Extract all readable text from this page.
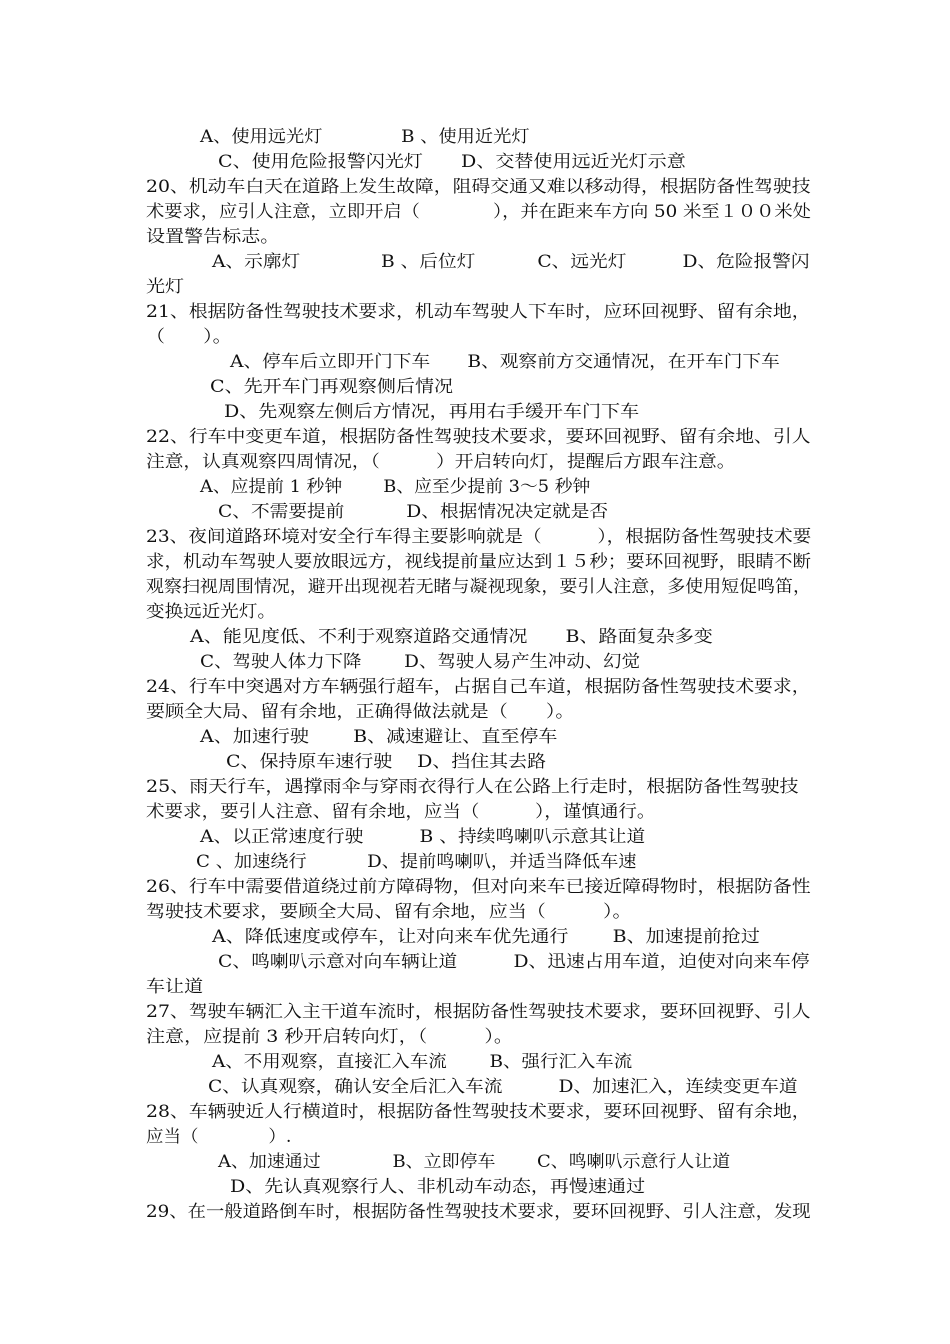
A、使用远光灯　　　　 B 、使用近光灯
C、使用危险报警闪光灯　　D、交替使用远近光灯示意
20、机动车白天在道路上发生故障，阻碍交通又难以移动得，根据防备性驾驶技
术要求，应引人注意，立即开启（　　　　），并在距来车方向 50 米至１００米处
设置警告标志。
A、示廓灯　　　　 B 、后位灯　　　 C、远光灯　　　D、危险报警闪
光灯
21、根据防备性驾驶技术要求，机动车驾驶人下车时，应环回视野、留有余地，
（　　）。
A、停车后立即开门下车　　B、观察前方交通情况，在开车门下车
C、先开车门再观察侧后情况
D、先观察左侧后方情况，再用右手缓开车门下车
22、行车中变更车道，根据防备性驾驶技术要求，要环回视野、留有余地、引人
注意，认真观察四周情况，（　　　）开启转向灯，提醒后方跟车注意。
A、应提前 1 秒钟　　 B、应至少提前 3～5 秒钟
C、不需要提前　　　 D、根据情况决定就是否
23、夜间道路环境对安全行车得主要影响就是（　　　），根据防备性驾驶技术要
求，机动车驾驶人要放眼远方，视线提前量应达到１５秒；要环回视野，眼睛不断
观察扫视周围情况，避开出现视若无睹与凝视现象，要引人注意，多使用短促鸣笛，
变换远近光灯。
A、能见度低、不利于观察道路交通情况　　B、路面复杂多变
C、驾驶人体力下降　　 D、驾驶人易产生冲动、幻觉
24、行车中突遇对方车辆强行超车，占据自己车道，根据防备性驾驶技术要求，
要顾全大局、留有余地，正确得做法就是（　　）。
A、加速行驶　　 B、减速避让、直至停车
C、保持原车速行驶　 D、挡住其去路
25、雨天行车，遇撑雨伞与穿雨衣得行人在公路上行走时，根据防备性驾驶技
术要求，要引人注意、留有余地，应当（　　　），谨慎通行。
A、以正常速度行驶　　　B 、持续鸣喇叭示意其让道
C 、加速绕行　　　 D、提前鸣喇叭，并适当降低车速
26、行车中需要借道绕过前方障碍物，但对向来车已接近障碍物时，根据防备性
驾驶技术要求，要顾全大局、留有余地，应当（　　　）。
A、降低速度或停车，让对向来车优先通行　　 B、加速提前抢过
C、鸣喇叭示意对向车辆让道　　　D、迅速占用车道，迫使对向来车停
车让道
27、驾驶车辆汇入主干道车流时，根据防备性驾驶技术要求，要环回视野、引人
注意，应提前 3 秒开启转向灯，（　　　）。
A、不用观察，直接汇入车流　　 B、强行汇入车流
C、认真观察，确认安全后汇入车流　　　D、加速汇入，连续变更车道
28、车辆驶近人行横道时，根据防备性驾驶技术要求，要环回视野、留有余地，
应当（　　　　）.
A、加速通过　　　　B、立即停车　　 C、鸣喇叭示意行人让道
D、先认真观察行人、非机动车动态，再慢速通过
29、在一般道路倒车时，根据防备性驾驶技术要求，要环回视野、引人注意，发现
